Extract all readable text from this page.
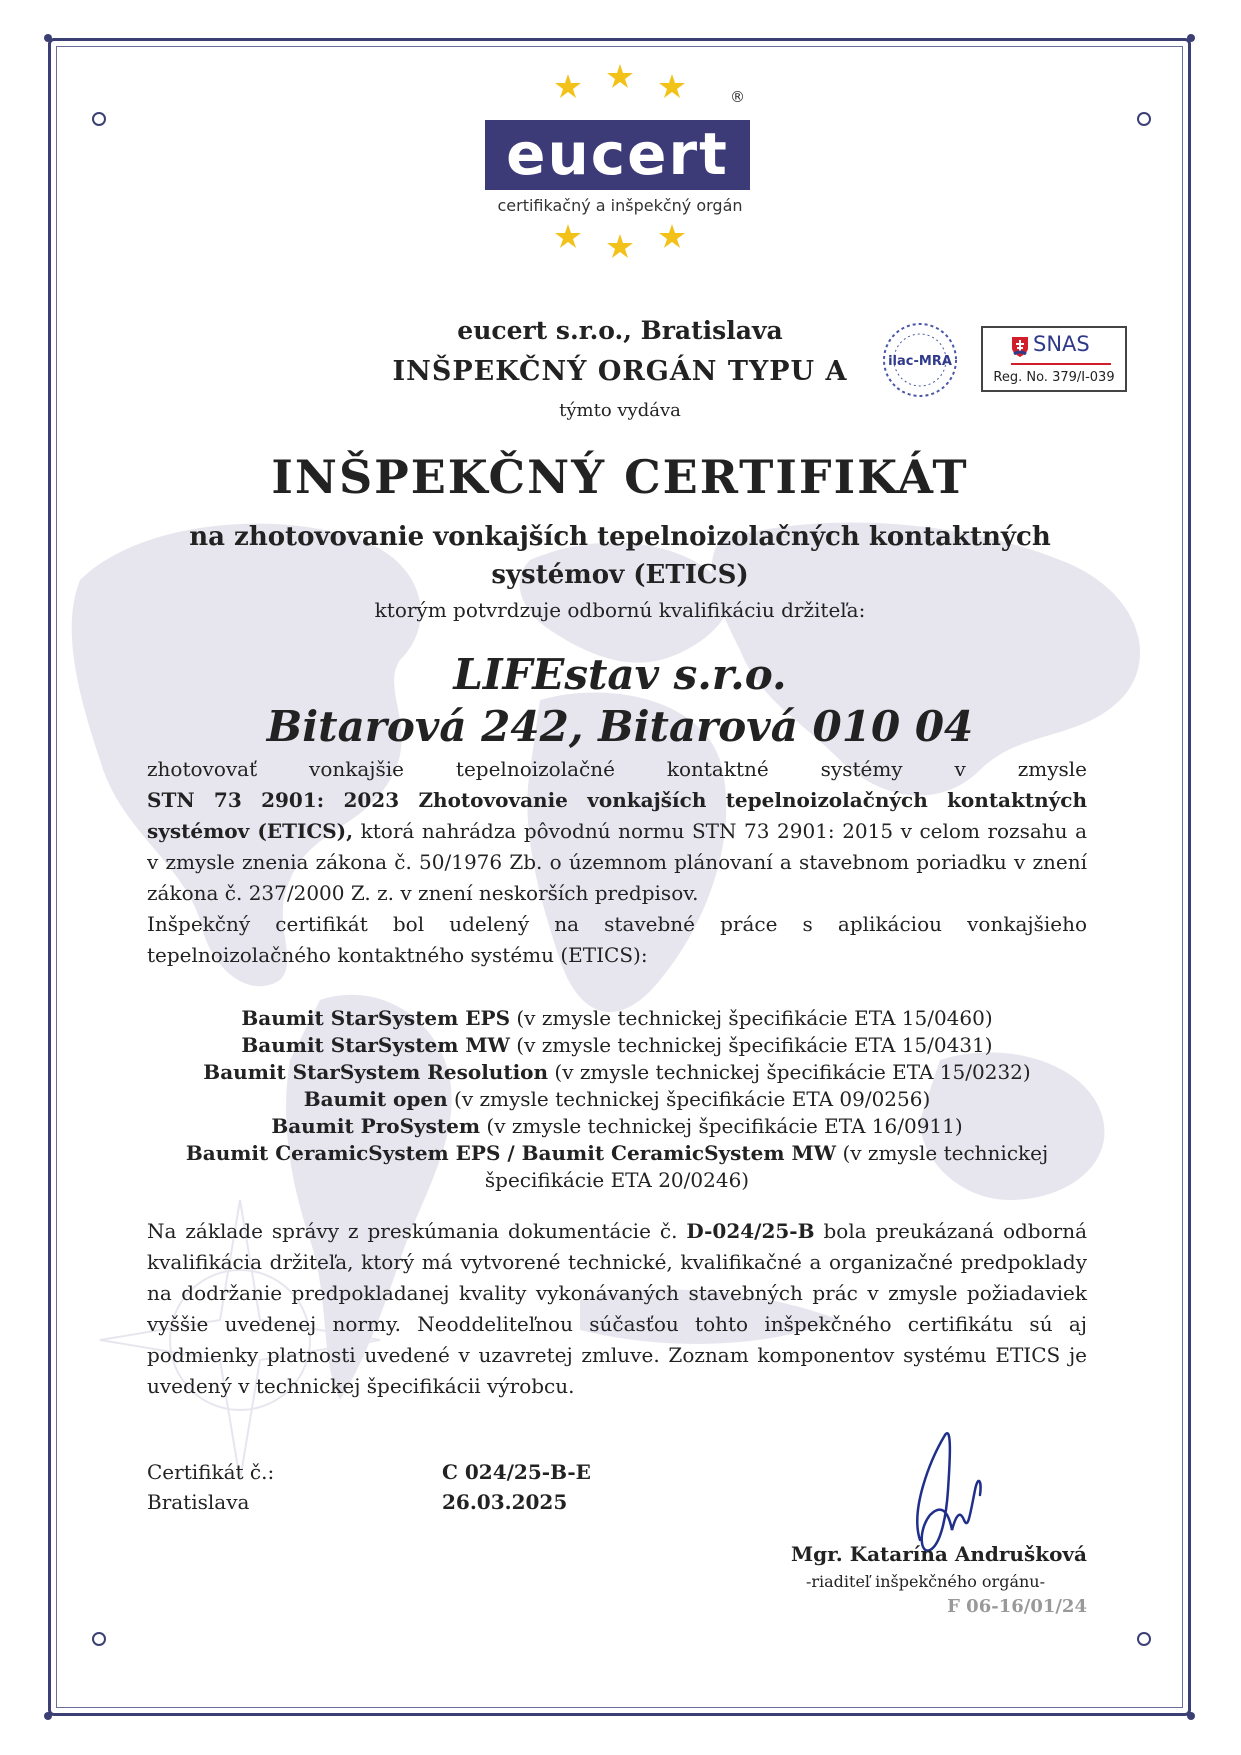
®
eucert
certifikačný a inšpekčný orgán
eucert s.r.o., Bratislava
INŠPEKČNÝ ORGÁN TYPU A
týmto vydáva
ilac-MRA
SNAS
Reg. No. 379/I-039
INŠPEKČNÝ CERTIFIKÁT
na zhotovovanie vonkajších tepelnoizolačných kontaktných
systémov (ETICS)
ktorým potvrdzuje odbornú kvalifikáciu držiteľa:
LIFEstav s.r.o.
Bitarová 242, Bitarová 010 04
zhotovovať vonkajšie tepelnoizolačné kontaktné systémy v zmysle
STN 73 2901: 2023 Zhotovovanie vonkajších tepelnoizolačných kontaktných systémov (ETICS), ktorá nahrádza pôvodnú normu STN 73 2901: 2015 v celom rozsahu a v zmysle znenia zákona č. 50/1976 Zb. o územnom plánovaní a stavebnom poriadku v znení zákona č. 237/2000 Z. z. v znení neskorších predpisov.
Inšpekčný certifikát bol udelený na stavebné práce s aplikáciou vonkajšieho tepelnoizolačného kontaktného systému (ETICS):
Baumit StarSystem EPS (v zmysle technickej špecifikácie ETA 15/0460)
Baumit StarSystem MW (v zmysle technickej špecifikácie ETA 15/0431)
Baumit StarSystem Resolution (v zmysle technickej špecifikácie ETA 15/0232)
Baumit open (v zmysle technickej špecifikácie ETA 09/0256)
Baumit ProSystem (v zmysle technickej špecifikácie ETA 16/0911)
Baumit CeramicSystem EPS / Baumit CeramicSystem MW (v zmysle technickej
špecifikácie ETA 20/0246)
Na základe správy z preskúmania dokumentácie č. D-024/25-B bola preukázaná odborná kvalifikácia držiteľa, ktorý má vytvorené technické, kvalifikačné a organizačné predpoklady na dodržanie predpokladanej kvality vykonávaných stavebných prác v zmysle požiadaviek vyššie uvedenej normy. Neoddeliteľnou súčasťou tohto inšpekčného certifikátu sú aj podmienky platnosti uvedené v uzavretej zmluve. Zoznam komponentov systému ETICS je uvedený v technickej špecifikácii výrobcu.
Certifikát č.:	C 024/25-B-E
Bratislava	26.03.2025
Mgr. Katarína Andrušková
-riaditeľ inšpekčného orgánu-
F 06-16/01/24
